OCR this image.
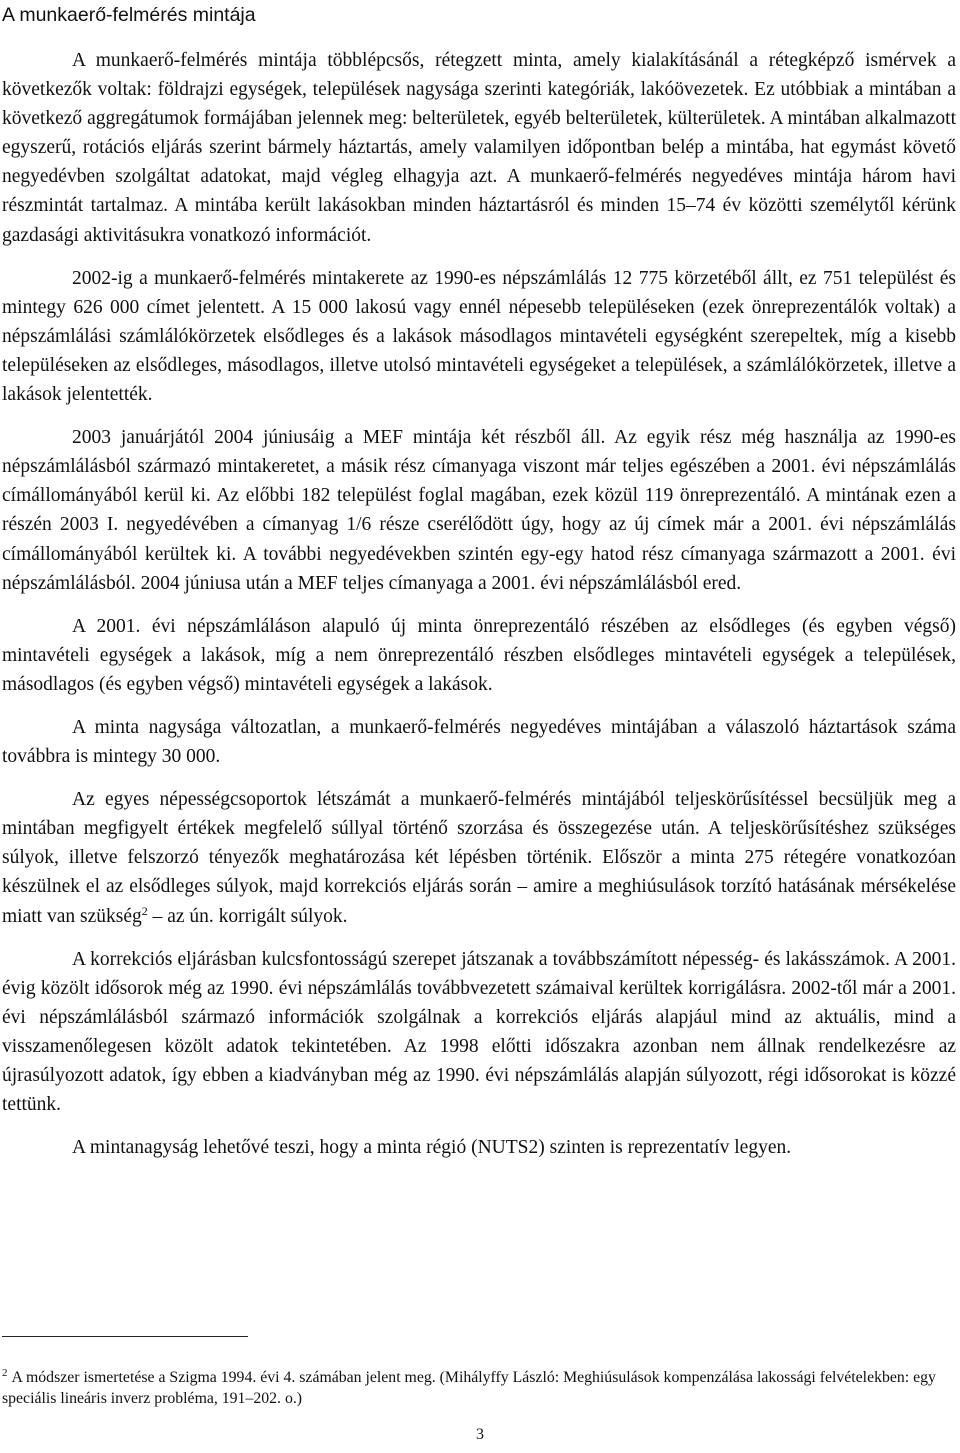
A munkaerő-felmérés mintája

A munkaerő-felmérés mintája többlépcsős, rétegzett minta, amely kialakításánál a rétegképző ismérvek a következők voltak: földrajzi egységek, települések nagysága szerinti kategóriák, lakóövezetek. Ez utóbbiak a mintában a következő aggregátumok formájában jelennek meg: belterületek, egyéb belterületek, külterületek. A mintában alkalmazott egyszerű, rotációs eljárás szerint bármely háztartás, amely valamilyen időpontban belép a mintába, hat egymást követő negyedévben szolgáltat adatokat, majd végleg elhagyja azt. A munkaerő-felmérés negyedéves mintája három havi részmintát tartalmaz. A mintába került lakásokban minden háztartásról és minden 15–74 év közötti személytől kérünk gazdasági aktivitásukra vonatkozó információt.

2002-ig a munkaerő-felmérés mintakerete az 1990-es népszámlálás 12 775 körzetéből állt, ez 751 települést és mintegy 626 000 címet jelentett. A 15 000 lakosú vagy ennél népesebb településeken (ezek önreprezentálók voltak) a népszámlálási számlálókörzetek elsődleges és a lakások másodlagos mintavételi egységként szerepeltek, míg a kisebb településeken az elsődleges, másodlagos, illetve utolsó mintavételi egységeket a települések, a számlálókörzetek, illetve a lakások jelentették.

2003 januárjától 2004 júniusáig a MEF mintája két részből áll. Az egyik rész még használja az 1990-es népszámlálásból származó mintakeretet, a másik rész címanyaga viszont már teljes egészében a 2001. évi népszámlálás címállományából kerül ki. Az előbbi 182 települést foglal magában, ezek közül 119 önreprezentáló. A mintának ezen a részén 2003 I. negyedévében a címanyag 1/6 része cserélődött úgy, hogy az új címek már a 2001. évi népszámlálás címállományából kerültek ki. A további negyedévekben szintén egy-egy hatod rész címanyaga származott a 2001. évi népszámlálásból. 2004 júniusa után a MEF teljes címanyaga a 2001. évi népszámlálásból ered.

A 2001. évi népszámláláson alapuló új minta önreprezentáló részében az elsődleges (és egyben végső) mintavételi egységek a lakások, míg a nem önreprezentáló részben elsődleges mintavételi egységek a települések, másodlagos (és egyben végső) mintavételi egységek a lakások.

A minta nagysága változatlan, a munkaerő-felmérés negyedéves mintájában a válaszoló háztartások száma továbbra is mintegy 30 000.

Az egyes népességcsoportok létszámát a munkaerő-felmérés mintájából teljeskörűsítéssel becsüljük meg a mintában megfigyelt értékek megfelelő súllyal történő szorzása és összegezése után. A teljeskörűsítéshez szükséges súlyok, illetve felszorzó tényezők meghatározása két lépésben történik. Először a minta 275 rétegére vonatkozóan készülnek el az elsődleges súlyok, majd korrekciós eljárás során – amire a meghiúsulások torzító hatásának mérsékelése miatt van szükség$^2$ – az ún. korrigált súlyok.

A korrekciós eljárásban kulcsfontosságú szerepet játszanak a továbbszámított népesség- és lakásszámok. A 2001. évig közölt idősorok még az 1990. évi népszámlálás továbbvezetett számaival kerültek korrigálásra. 2002-től már a 2001. évi népszámlálásból származó információk szolgálnak a korrekciós eljárás alapjául mind az aktuális, mind a visszamenőlegesen közölt adatok tekintetében. Az 1998 előtti időszakra azonban nem állnak rendelkezésre az újrasúlyozott adatok, így ebben a kiadványban még az 1990. évi népszámlálás alapján súlyozott, régi idősorokat is közzé tettünk.

A mintanagyság lehetővé teszi, hogy a minta régió (NUTS2) szinten is reprezentatív legyen.

$^2$ A módszer ismertetése a Szigma 1994. évi 4. számában jelent meg. (Mihályffy László: Meghiúsulások kompenzálása lakossági felvételekben: egy speciális lineáris inverz probléma, 191–202. o.)

3
